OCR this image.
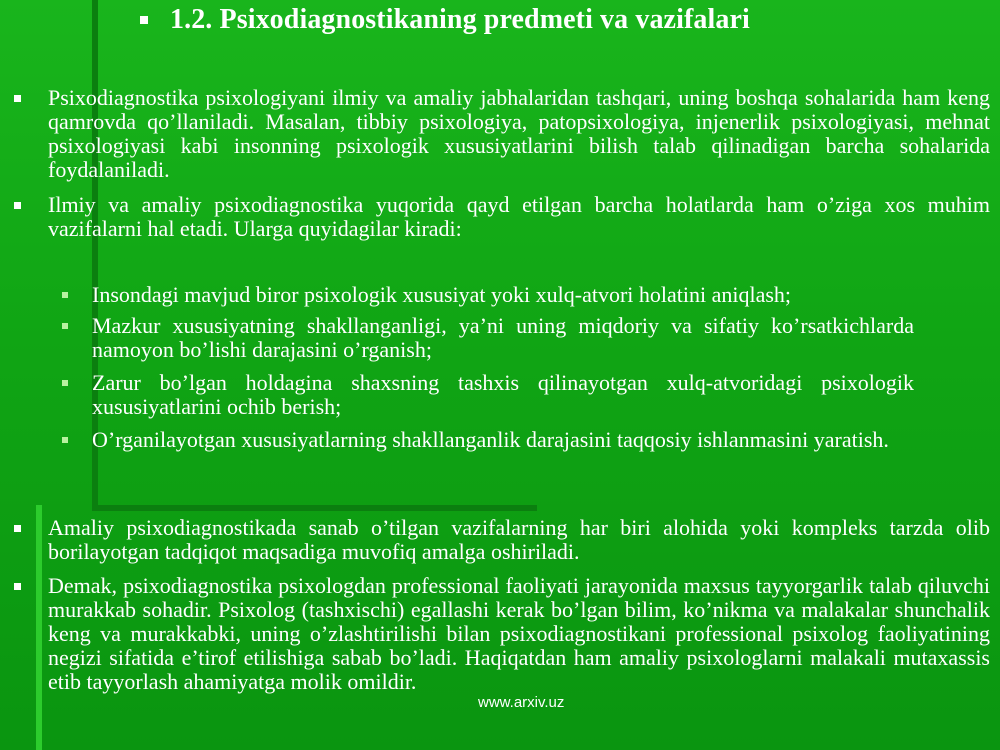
1.2. Psixodiagnostikaning predmeti va vazifalari
Psixodiagnostika psixologiyani ilmiy va amaliy jabhalaridan tashqari, uning boshqa sohalarida ham keng qamrovda qo’llaniladi. Masalan, tibbiy psixologiya, patopsixologiya, injenerlik psixologiyasi, mehnat psixologiyasi kabi insonning psixologik xususiyatlarini bilish talab qilinadigan barcha sohalarida foydalaniladi.
Ilmiy va amaliy psixodiagnostika yuqorida qayd etilgan barcha holatlarda ham o’ziga xos muhim vazifalarni hal etadi. Ularga quyidagilar kiradi:
Insondagi mavjud biror psixologik xususiyat yoki xulq-atvori holatini aniqlash;
Mazkur xususiyatning shakllanganligi, ya’ni uning miqdoriy va sifatiy ko’rsatkichlarda namoyon bo’lishi darajasini o’rganish;
Zarur bo’lgan holdagina shaxsning tashxis qilinayotgan xulq-atvoridagi psixologik xususiyatlarini ochib berish;
O’rganilayotgan xususiyatlarning shakllanganlik darajasini taqqosiy ishlanmasini yaratish.
Amaliy psixodiagnostikada sanab o’tilgan vazifalarning har biri alohida yoki kompleks tarzda olib borilayotgan tadqiqot maqsadiga muvofiq amalga oshiriladi.
Demak, psixodiagnostika psixologdan professional faoliyati jarayonida maxsus tayyorgarlik talab qiluvchi murakkab sohadir. Psixolog (tashxischi) egallashi kerak bo’lgan bilim, ko’nikma va malakalar shunchalik keng va murakkabki, uning o’zlashtirilishi bilan psixodiagnostikani professional psixolog faoliyatining negizi sifatida e’tirof etilishiga sabab bo’ladi. Haqiqatdan ham amaliy psixologlarni malakali mutaxassis etib tayyorlash ahamiyatga molik omildir.
www.arxiv.uz
